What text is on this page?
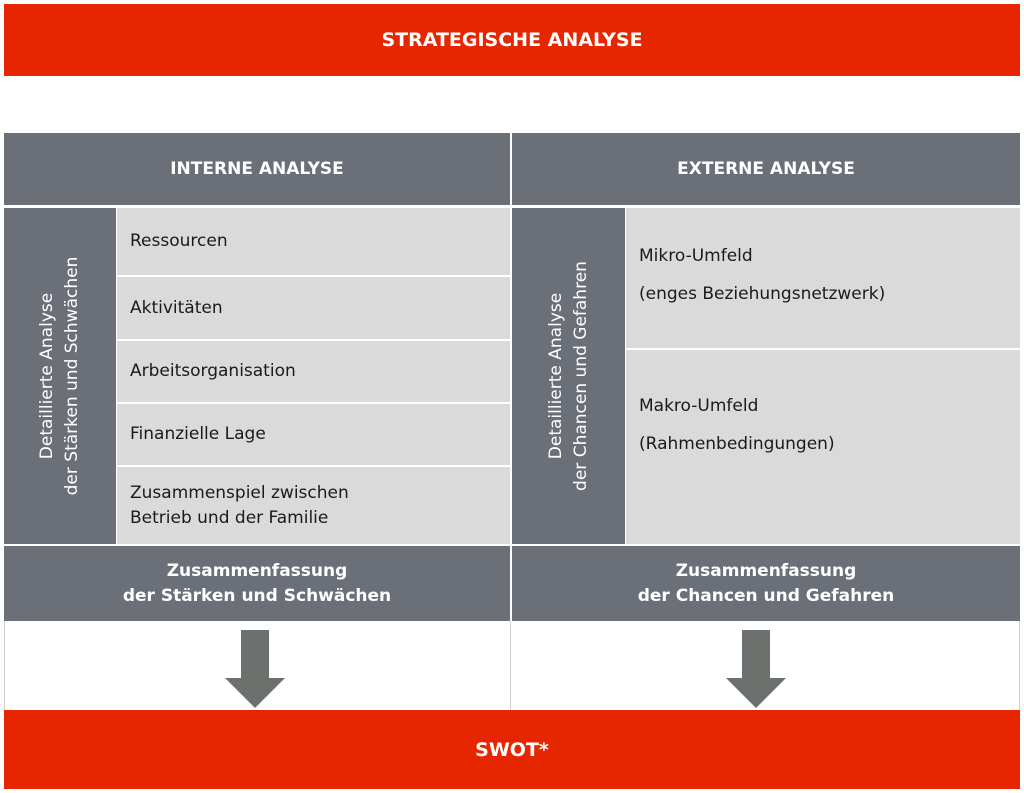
STRATEGISCHE ANALYSE
INTERNE ANALYSE	EXTERNE ANALYSE
Detaillierte Analyse der Stärken und Schwächen
Ressourcen
Aktivitäten
Arbeitsorganisation
Finanzielle Lage
Zusammenspiel zwischen
Betrieb und der Familie
Detaillierte Analyse der Chancen und Gefahren

Mikro-Umfeld

(enges Beziehungsnetzwerk)

Makro-Umfeld

(Rahmenbedingungen)

Zusammenfassung
der Stärken und Schwächen
Zusammenfassung
der Chancen und Gefahren
SWOT*
